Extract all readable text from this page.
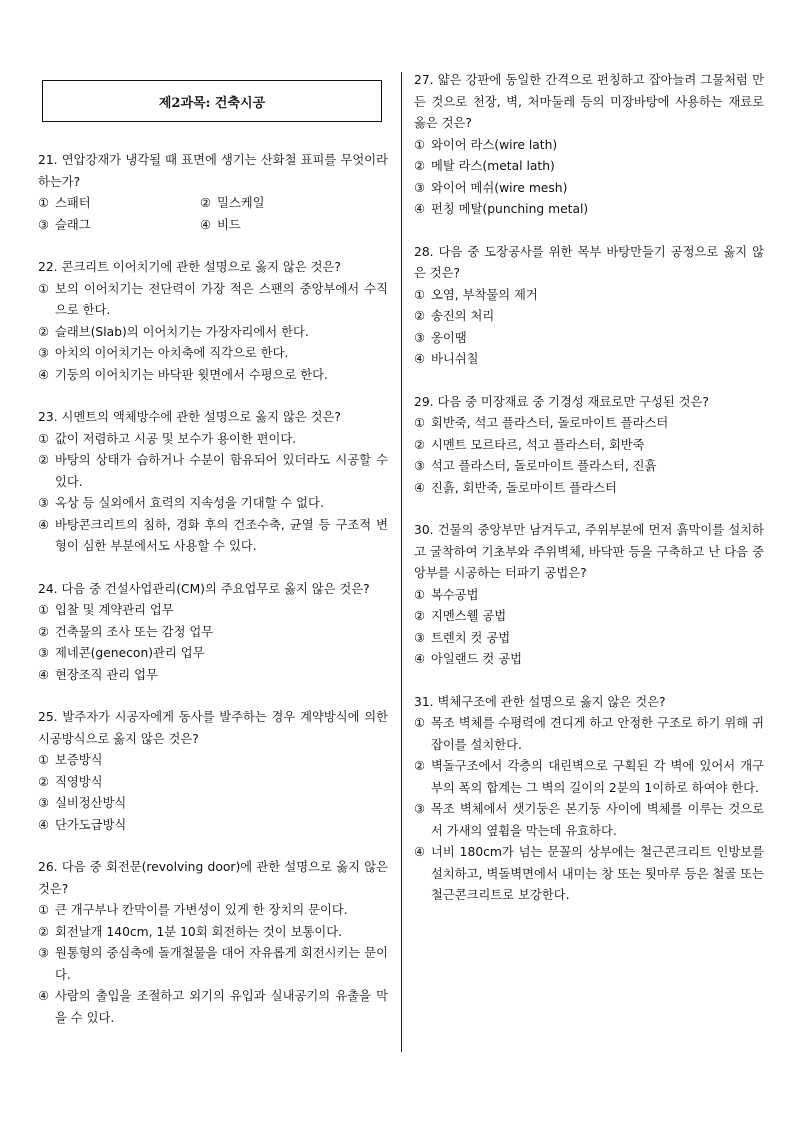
제2과목: 건축시공
21. 연압강재가 냉각될 때 표면에 생기는 산화철 표피를 무엇이라 하는가?
① 스패터	② 밀스케일
③ 슬래그	④ 비드
22. 콘크리트 이어치기에 관한 설명으로 옳지 않은 것은?
① 보의 이어치기는 전단력이 가장 적은 스팬의 중앙부에서 수직으로 한다.
② 슬래브(Slab)의 이어치기는 가장자리에서 한다.
③ 아치의 이어치기는 아치축에 직각으로 한다.
④ 기둥의 이어치기는 바닥판 윗면에서 수평으로 한다.
23. 시멘트의 액체방수에 관한 설명으로 옳지 않은 것은?
① 값이 저렴하고 시공 및 보수가 용이한 편이다.
② 바탕의 상태가 습하거나 수분이 함유되어 있더라도 시공할 수 있다.
③ 옥상 등 실외에서 효력의 지속성을 기대할 수 없다.
④ 바탕콘크리트의 침하, 경화 후의 건조수축, 균열 등 구조적 변형이 심한 부분에서도 사용할 수 있다.
24. 다음 중 건설사업관리(CM)의 주요업무로 옳지 않은 것은?
① 입찰 및 계약관리 업무
② 건축물의 조사 또는 감정 업무
③ 제네콘(genecon)관리 업무
④ 현장조직 관리 업무
25. 발주자가 시공자에게 동사를 발주하는 경우 계약방식에 의한 시공방식으로 옳지 않은 것은?
① 보증방식
② 직영방식
③ 실비정산방식
④ 단가도급방식
26. 다음 중 회전문(revolving door)에 관한 설명으로 옳지 않은 것은?
① 큰 개구부나 칸막이를 가변성이 있게 한 장치의 문이다.
② 회전날개 140cm, 1분 10회 회전하는 것이 보통이다.
③ 원통형의 중심축에 돌개철물을 대어 자유롭게 회전시키는 문이다.
④ 사람의 출입을 조절하고 외기의 유입과 실내공기의 유출을 막을 수 있다.
27. 얇은 강판에 동일한 간격으로 펀칭하고 잡아늘려 그물처럼 만든 것으로 천장, 벽, 처마둘레 등의 미장바탕에 사용하는 재료로 옳은 것은?
① 와이어 라스(wire lath)
② 메탈 라스(metal lath)
③ 와이어 메쉬(wire mesh)
④ 펀칭 메탈(punching metal)
28. 다음 중 도장공사를 위한 목부 바탕만들기 공정으로 옳지 않은 것은?
① 오염, 부착물의 제거
② 송진의 처리
③ 옹이땜
④ 바니쉬칠
29. 다음 중 미장재료 중 기경성 재료로만 구성된 것은?
① 회반죽, 석고 플라스터, 돌로마이트 플라스터
② 시멘트 모르타르, 석고 플라스터, 회반죽
③ 석고 플라스터, 돌로마이트 플라스터, 진흙
④ 진흙, 회반죽, 돌로마이트 플라스터
30. 건물의 중앙부만 남겨두고, 주위부분에 먼저 흙막이를 설치하고 굴착하여 기초부와 주위벽체, 바닥판 등을 구축하고 난 다음 중앙부를 시공하는 터파기 공법은?
① 복수공법
② 지멘스웰 공법
③ 트렌치 컷 공법
④ 아일랜드 컷 공법
31. 벽체구조에 관한 설명으로 옳지 않은 것은?
① 목조 벽체를 수평력에 견디게 하고 안정한 구조로 하기 위해 귀잡이를 설치한다.
② 벽돌구조에서 각층의 대린벽으로 구획된 각 벽에 있어서 개구부의 폭의 합계는 그 벽의 길이의 2분의 1이하로 하여야 한다.
③ 목조 벽체에서 샛기둥은 본기둥 사이에 벽체를 이루는 것으로서 가새의 옆휨을 막는데 유효하다.
④ 너비 180cm가 넘는 문꼴의 상부에는 철근콘크리트 인방보를 설치하고, 벽돌벽면에서 내미는 창 또는 툇마루 등은 철골 또는 철근콘크리트로 보강한다.
